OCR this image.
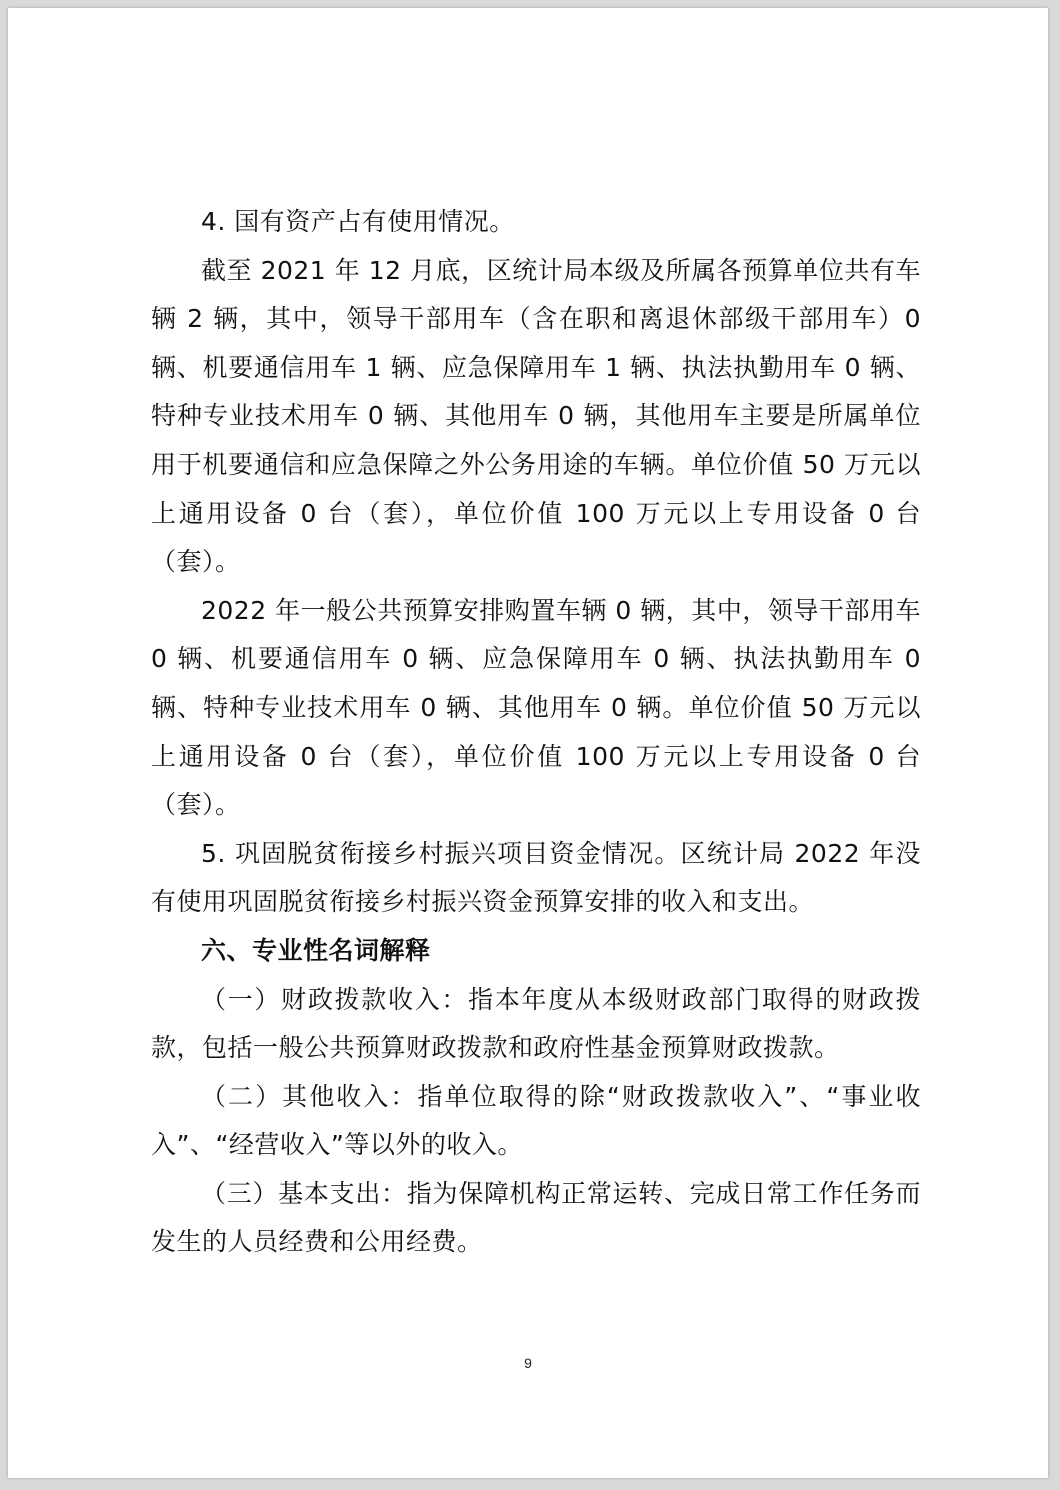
4. 国有资产占有使用情况。

截至 2021 年 12 月底，区统计局本级及所属各预算单位共有车辆 2 辆，其中，领导干部用车（含在职和离退休部级干部用车）0 辆、机要通信用车 1 辆、应急保障用车 1 辆、执法执勤用车 0 辆、特种专业技术用车 0 辆、其他用车 0 辆，其他用车主要是所属单位用于机要通信和应急保障之外公务用途的车辆。单位价值 50 万元以上通用设备 0 台（套），单位价值 100 万元以上专用设备 0 台（套）。

2022 年一般公共预算安排购置车辆 0 辆，其中，领导干部用车 0 辆、机要通信用车 0 辆、应急保障用车 0 辆、执法执勤用车 0 辆、特种专业技术用车 0 辆、其他用车 0 辆。单位价值 50 万元以上通用设备 0 台（套），单位价值 100 万元以上专用设备 0 台（套）。

5. 巩固脱贫衔接乡村振兴项目资金情况。区统计局 2022 年没有使用巩固脱贫衔接乡村振兴资金预算安排的收入和支出。

六、专业性名词解释

（一）财政拨款收入：指本年度从本级财政部门取得的财政拨款，包括一般公共预算财政拨款和政府性基金预算财政拨款。

（二）其他收入：指单位取得的除“财政拨款收入”、“事业收入”、“经营收入”等以外的收入。

（三）基本支出：指为保障机构正常运转、完成日常工作任务而发生的人员经费和公用经费。

9
